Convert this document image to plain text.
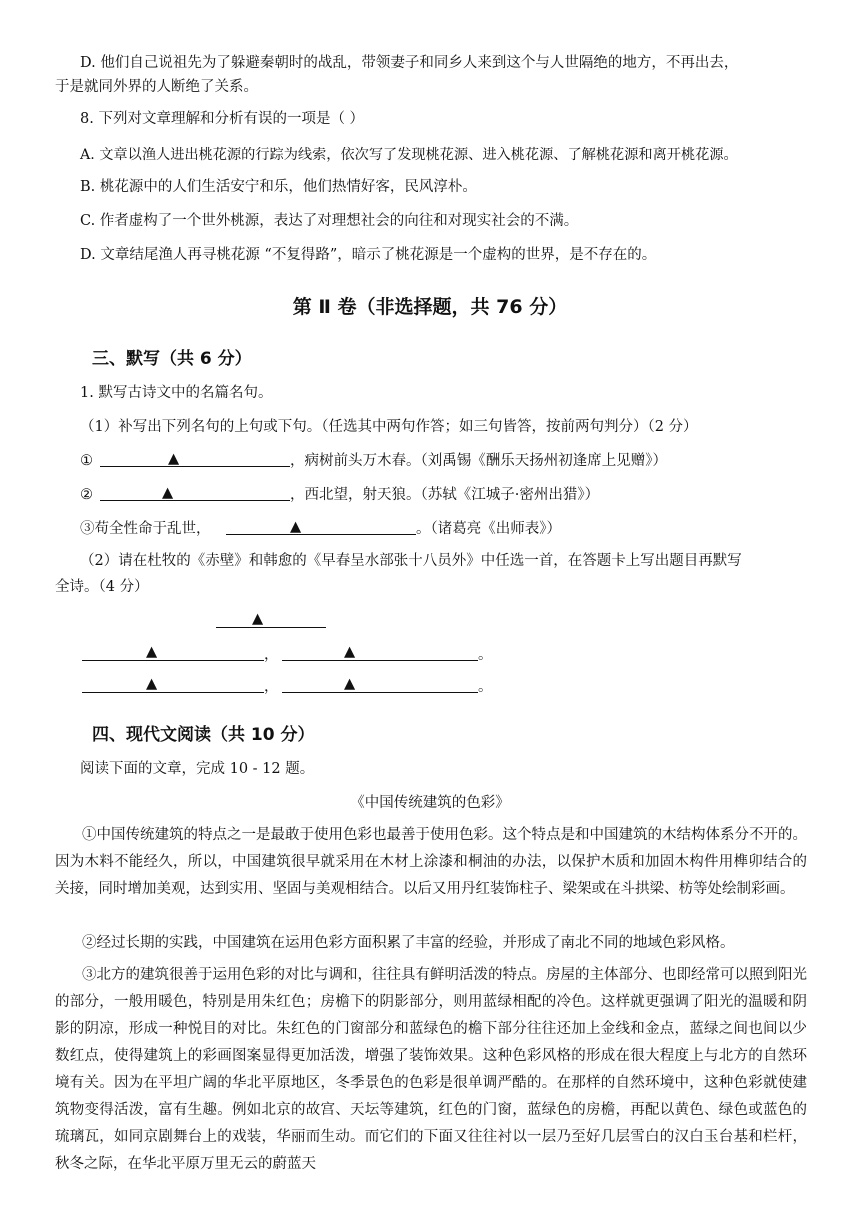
D. 他们自己说祖先为了躲避秦朝时的战乱，带领妻子和同乡人来到这个与人世隔绝的地方，不再出去，
于是就同外界的人断绝了关系。
8. 下列对文章理解和分析有误的一项是（ ）
A. 文章以渔人进出桃花源的行踪为线索，依次写了发现桃花源、进入桃花源、了解桃花源和离开桃花源。
B. 桃花源中的人们生活安宁和乐，他们热情好客，民风淳朴。
C. 作者虚构了一个世外桃源，表达了对理想社会的向往和对现实社会的不满。
D. 文章结尾渔人再寻桃花源 “不复得路”，暗示了桃花源是一个虚构的世界，是不存在的。
第 Ⅱ 卷（非选择题，共 76 分）
三、默写（共 6 分）
1. 默写古诗文中的名篇名句。
（1）补写出下列名句的上句或下句。（任选其中两句作答；如三句皆答，按前两句判分）（2 分）
①	▲	，病树前头万木春。（刘禹锡《酬乐天扬州初逢席上见赠》）
②	▲	，西北望，射天狼。（苏轼《江城子·密州出猎》）
③苟全性命于乱世，	▲	。（诸葛亮《出师表》）
（2）请在杜牧的《赤壁》和韩愈的《早春呈水部张十八员外》中任选一首，在答题卡上写出题目再默写
全诗。（4 分）
▲
▲	，	▲	。
▲	，	▲	。
四、现代文阅读（共 10 分）
阅读下面的文章，完成 10 - 12 题。
《中国传统建筑的色彩》
①中国传统建筑的特点之一是最敢于使用色彩也最善于使用色彩。这个特点是和中国建筑的木结构体系分不开的。因为木料不能经久，所以，中国建筑很早就采用在木材上涂漆和桐油的办法，以保护木质和加固木构件用榫卯结合的关接，同时增加美观，达到实用、坚固与美观相结合。以后又用丹红装饰柱子、梁架或在斗拱梁、枋等处绘制彩画。
②经过长期的实践，中国建筑在运用色彩方面积累了丰富的经验，并形成了南北不同的地域色彩风格。
③北方的建筑很善于运用色彩的对比与调和，往往具有鲜明活泼的特点。房屋的主体部分、也即经常可以照到阳光的部分，一般用暖色，特别是用朱红色；房檐下的阴影部分，则用蓝绿相配的冷色。这样就更强调了阳光的温暖和阴影的阴凉，形成一种悦目的对比。朱红色的门窗部分和蓝绿色的檐下部分往往还加上金线和金点，蓝绿之间也间以少数红点，使得建筑上的彩画图案显得更加活泼，增强了装饰效果。这种色彩风格的形成在很大程度上与北方的自然环境有关。因为在平坦广阔的华北平原地区，冬季景色的色彩是很单调严酷的。在那样的自然环境中，这种色彩就使建筑物变得活泼，富有生趣。例如北京的故宫、天坛等建筑，红色的门窗，蓝绿色的房檐，再配以黄色、绿色或蓝色的琉璃瓦，如同京剧舞台上的戏装，华丽而生动。而它们的下面又往往衬以一层乃至好几层雪白的汉白玉台基和栏杆，秋冬之际，在华北平原万里无云的蔚蓝天
